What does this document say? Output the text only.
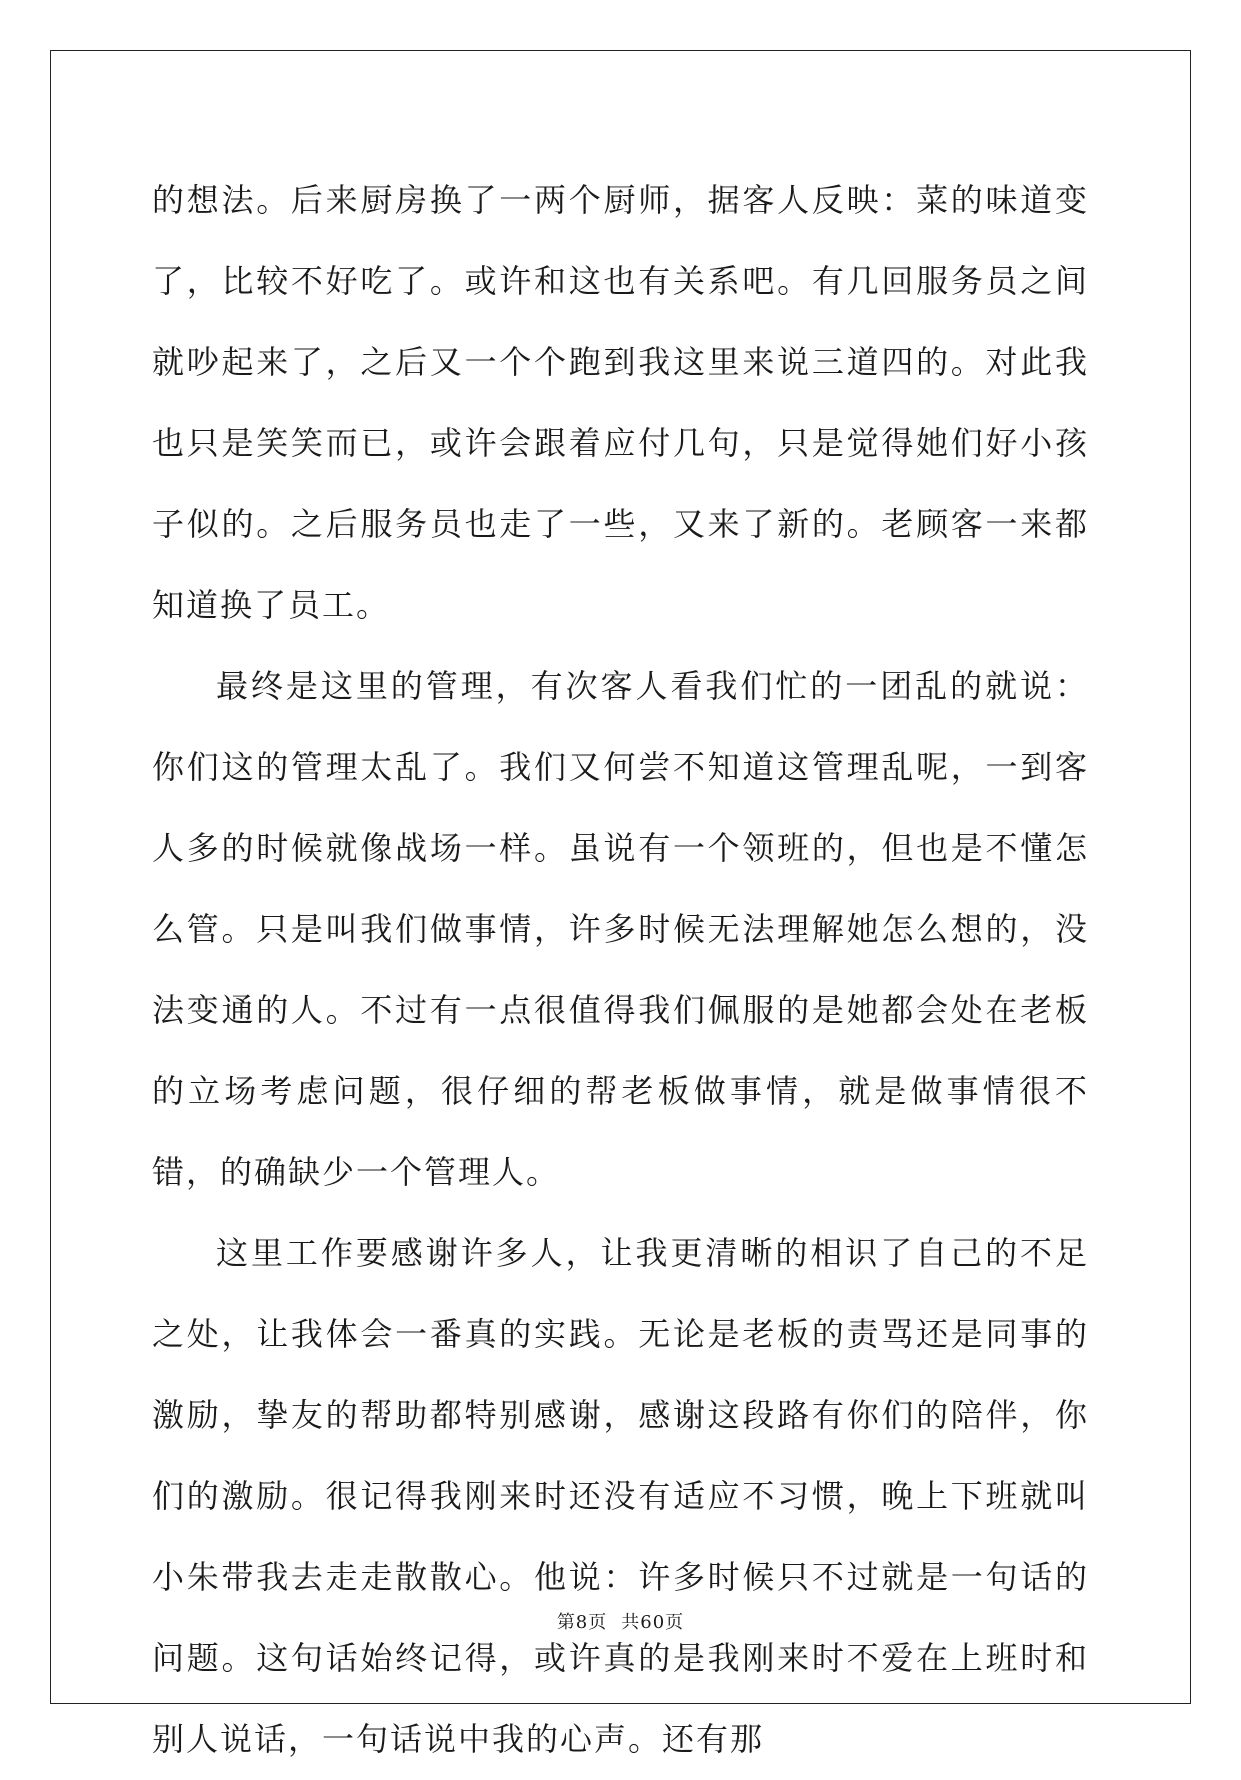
的想法。后来厨房换了一两个厨师，据客人反映：菜的味道变了，比较不好吃了。或许和这也有关系吧。有几回服务员之间就吵起来了，之后又一个个跑到我这里来说三道四的。对此我也只是笑笑而已，或许会跟着应付几句，只是觉得她们好小孩子似的。之后服务员也走了一些，又来了新的。老顾客一来都知道换了员工。

最终是这里的管理，有次客人看我们忙的一团乱的就说：你们这的管理太乱了。我们又何尝不知道这管理乱呢，一到客人多的时候就像战场一样。虽说有一个领班的，但也是不懂怎么管。只是叫我们做事情，许多时候无法理解她怎么想的，没法变通的人。不过有一点很值得我们佩服的是她都会处在老板的立场考虑问题，很仔细的帮老板做事情，就是做事情很不错，的确缺少一个管理人。

这里工作要感谢许多人，让我更清晰的相识了自己的不足之处，让我体会一番真的实践。无论是老板的责骂还是同事的激励，挚友的帮助都特别感谢，感谢这段路有你们的陪伴，你们的激励。很记得我刚来时还没有适应不习惯，晚上下班就叫小朱带我去走走散散心。他说：许多时候只不过就是一句话的问题。这句话始终记得，或许真的是我刚来时不爱在上班时和别人说话，一句话说中我的心声。还有那

第8页 共60页
